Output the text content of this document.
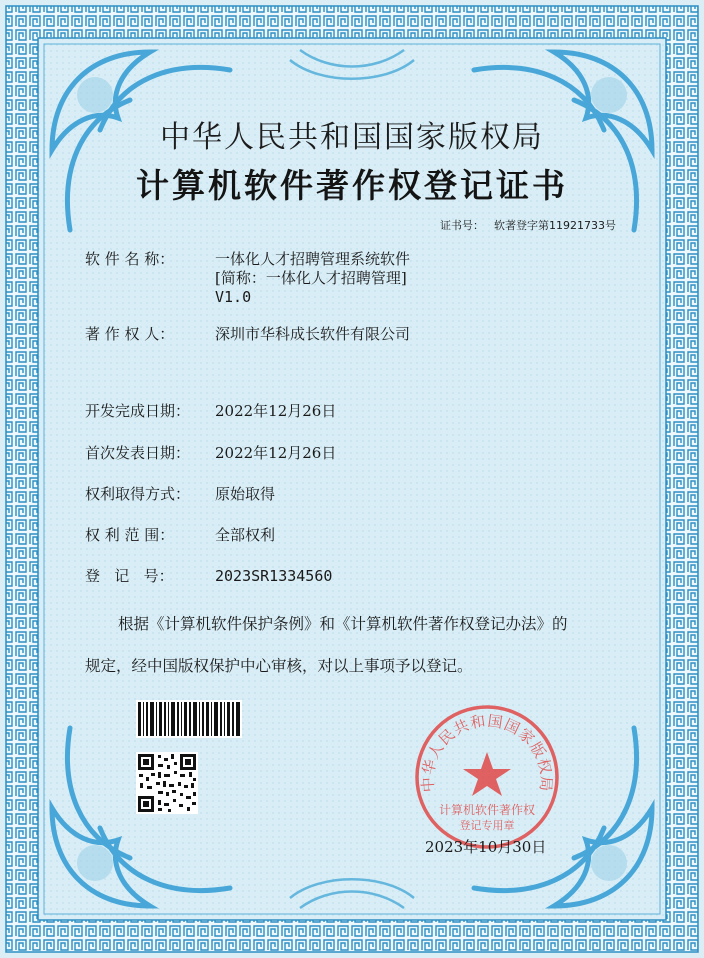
中华人民共和国国家版权局
计算机软件著作权登记证书
证书号： 软著登字第11921733号
软 件 名 称：	一体化人才招聘管理系统软件
[简称：一体化人才招聘管理]
V1.0
著 作 权 人：	深圳市华科成长软件有限公司
开发完成日期： 2022年12月26日
首次发表日期： 2022年12月26日
权利取得方式： 原始取得
权 利 范 围：	全部权利
登   记   号：	2023SR1334560
根据《计算机软件保护条例》和《计算机软件著作权登记办法》的
规定，经中国版权保护中心审核，对以上事项予以登记。
中华人民共和国国家版权局
计算机软件著作权
登记专用章
2023年10月30日
